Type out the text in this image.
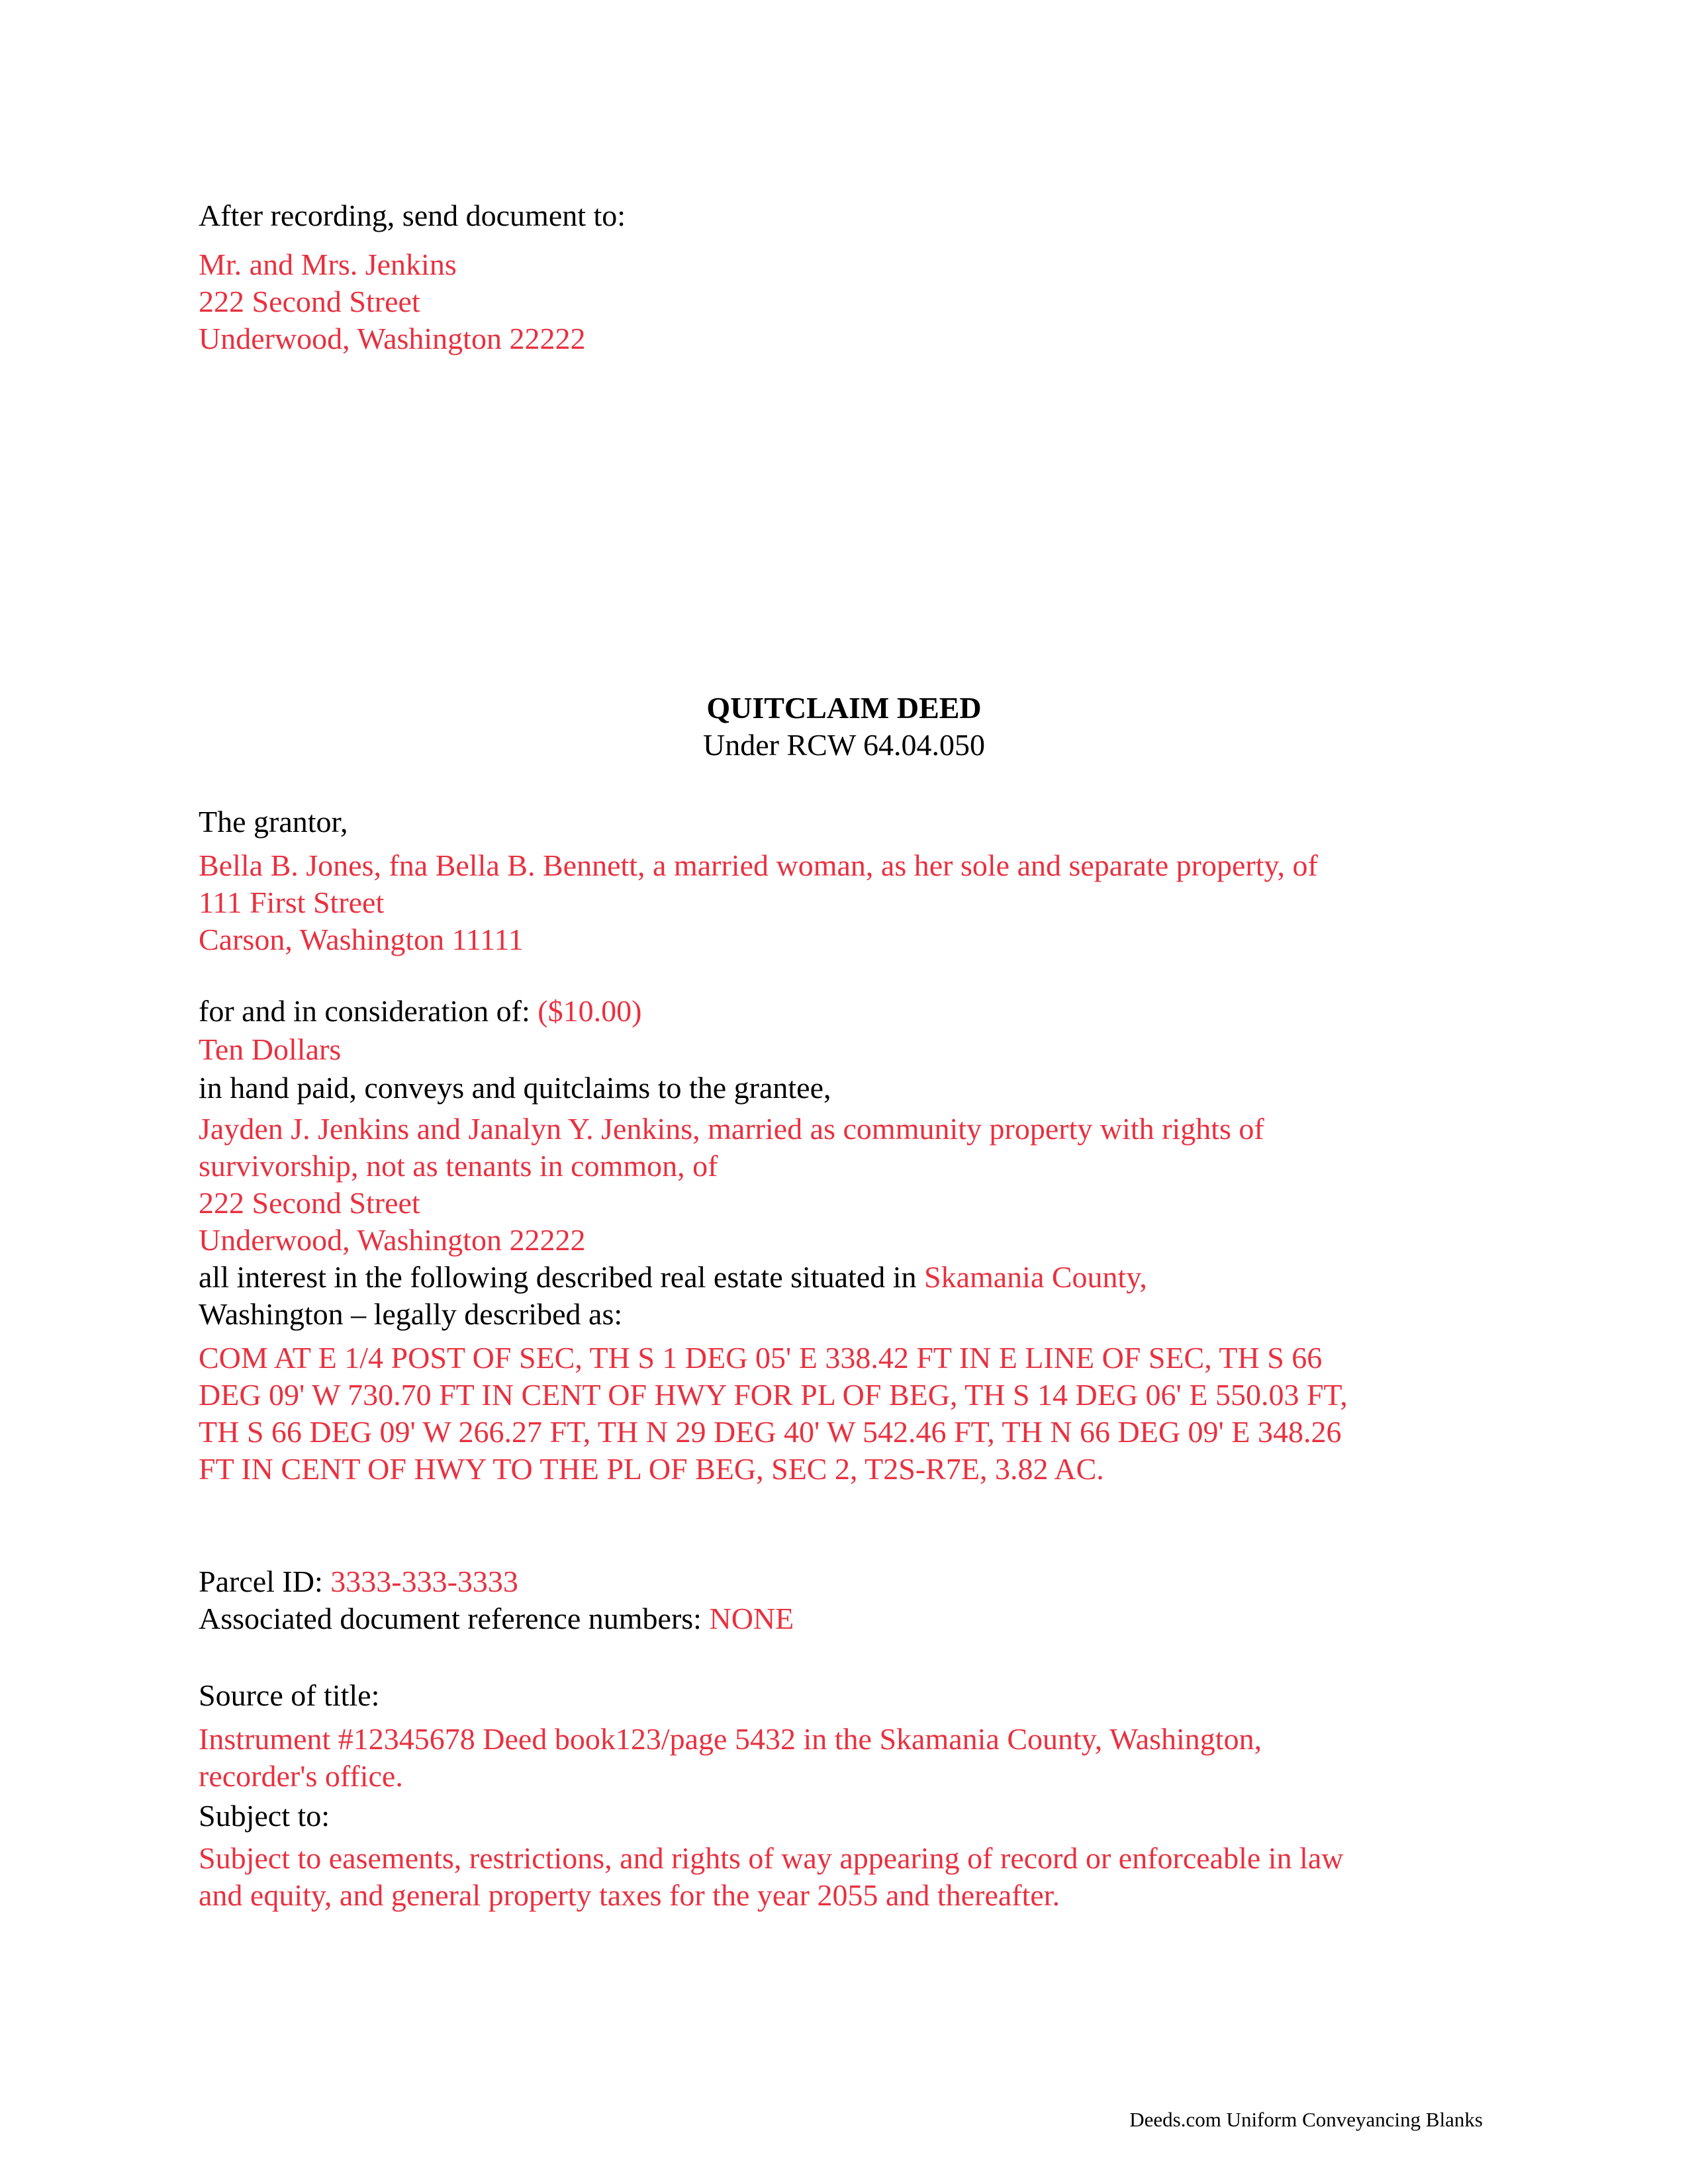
After recording, send document to:

Mr. and Mrs. Jenkins

222 Second Street

Underwood, Washington 22222

QUITCLAIM DEED

Under RCW 64.04.050

The grantor,

Bella B. Jones, fna Bella B. Bennett, a married woman, as her sole and separate property, of

111 First Street

Carson, Washington 11111

for and in consideration of: ($10.00)

Ten Dollars

in hand paid, conveys and quitclaims to the grantee,

Jayden J. Jenkins and Janalyn Y. Jenkins, married as community property with rights of

survivorship, not as tenants in common, of

222 Second Street

Underwood, Washington 22222

all interest in the following described real estate situated in Skamania County,

Washington – legally described as:

COM AT E 1/4 POST OF SEC, TH S 1 DEG 05' E 338.42 FT IN E LINE OF SEC, TH S 66

DEG 09' W 730.70 FT IN CENT OF HWY FOR PL OF BEG, TH S 14 DEG 06' E 550.03 FT,

TH S 66 DEG 09' W 266.27 FT, TH N 29 DEG 40' W 542.46 FT, TH N 66 DEG 09' E 348.26

FT IN CENT OF HWY TO THE PL OF BEG, SEC 2, T2S-R7E, 3.82 AC.

Parcel ID: 3333-333-3333

Associated document reference numbers: NONE

Source of title:

Instrument #12345678 Deed book123/page 5432 in the Skamania County, Washington,

recorder's office.

Subject to:

Subject to easements, restrictions, and rights of way appearing of record or enforceable in law

and equity, and general property taxes for the year 2055 and thereafter.

Deeds.com Uniform Conveyancing Blanks
